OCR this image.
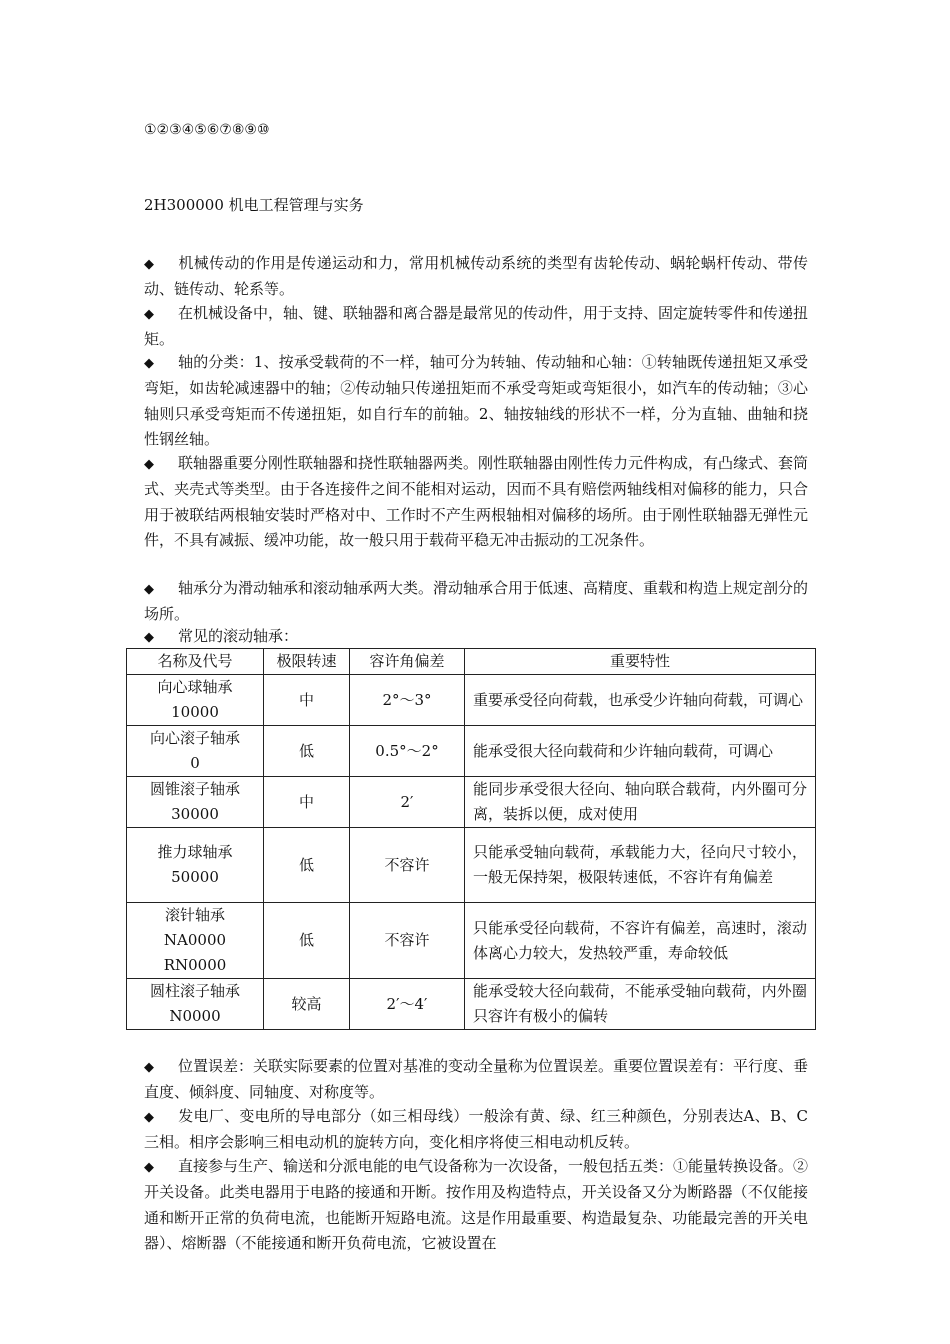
①②③④⑤⑥⑦⑧⑨⑩
2H300000 机电工程管理与实务
◆ 机械传动的作用是传递运动和力，常用机械传动系统的类型有齿轮传动、蜗轮蜗杆传动、带传动、链传动、轮系等。
◆ 在机械设备中，轴、键、联轴器和离合器是最常见的传动件，用于支持、固定旋转零件和传递扭矩。
◆ 轴的分类：1、按承受载荷的不一样，轴可分为转轴、传动轴和心轴：①转轴既传递扭矩又承受弯矩，如齿轮减速器中的轴；②传动轴只传递扭矩而不承受弯矩或弯矩很小，如汽车的传动轴；③心轴则只承受弯矩而不传递扭矩，如自行车的前轴。2、轴按轴线的形状不一样，分为直轴、曲轴和挠性钢丝轴。
◆ 联轴器重要分刚性联轴器和挠性联轴器两类。刚性联轴器由刚性传力元件构成，有凸缘式、套筒式、夹壳式等类型。由于各连接件之间不能相对运动，因而不具有赔偿两轴线相对偏移的能力，只合用于被联结两根轴安装时严格对中、工作时不产生两根轴相对偏移的场所。由于刚性联轴器无弹性元件，不具有减振、缓冲功能，故一般只用于载荷平稳无冲击振动的工况条件。
◆ 轴承分为滑动轴承和滚动轴承两大类。滑动轴承合用于低速、高精度、重载和构造上规定剖分的场所。
◆ 常见的滚动轴承：
名称及代号	极限转速	容许角偏差	重要特性

向心球轴承
10000	中	2°～3°	重要承受径向荷载，也承受少许轴向荷载，可调心

向心滚子轴承
0	低	0.5°～2°	能承受很大径向载荷和少许轴向载荷，可调心

圆锥滚子轴承
30000	中	2′	能同步承受很大径向、轴向联合载荷，内外圈可分离，装拆以便，成对使用

推力球轴承
50000	低	不容许	只能承受轴向载荷，承载能力大，径向尺寸较小，一般无保持架，极限转速低，不容许有角偏差

滚针轴承
NA0000
RN0000	低	不容许	只能承受径向载荷，不容许有偏差，高速时，滚动体离心力较大，发热较严重，寿命较低

圆柱滚子轴承
N0000	较高	2′～4′	能承受较大径向载荷，不能承受轴向载荷，内外圈只容许有极小的偏转
◆ 位置误差：关联实际要素的位置对基准的变动全量称为位置误差。重要位置误差有：平行度、垂直度、倾斜度、同轴度、对称度等。
◆ 发电厂、变电所的导电部分（如三相母线）一般涂有黄、绿、红三种颜色，分别表达A、B、C三相。相序会影响三相电动机的旋转方向，变化相序将使三相电动机反转。
◆ 直接参与生产、输送和分派电能的电气设备称为一次设备，一般包括五类：①能量转换设备。②开关设备。此类电器用于电路的接通和开断。按作用及构造特点，开关设备又分为断路器（不仅能接通和断开正常的负荷电流，也能断开短路电流。这是作用最重要、构造最复杂、功能最完善的开关电器）、熔断器（不能接通和断开负荷电流，它被设置在
